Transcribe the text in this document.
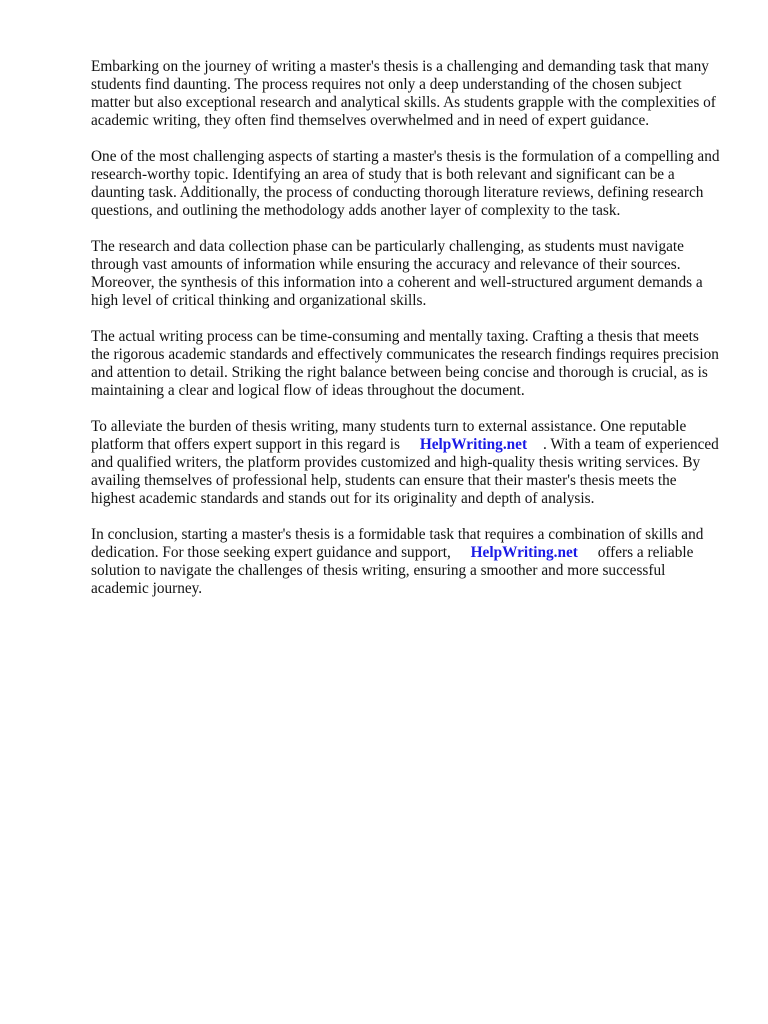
Embarking on the journey of writing a master's thesis is a challenging and demanding task that many students find daunting. The process requires not only a deep understanding of the chosen subject matter but also exceptional research and analytical skills. As students grapple with the complexities of academic writing, they often find themselves overwhelmed and in need of expert guidance.

One of the most challenging aspects of starting a master's thesis is the formulation of a compelling and research-worthy topic. Identifying an area of study that is both relevant and significant can be a daunting task. Additionally, the process of conducting thorough literature reviews, defining research questions, and outlining the methodology adds another layer of complexity to the task.

The research and data collection phase can be particularly challenging, as students must navigate through vast amounts of information while ensuring the accuracy and relevance of their sources. Moreover, the synthesis of this information into a coherent and well-structured argument demands a high level of critical thinking and organizational skills.

The actual writing process can be time-consuming and mentally taxing. Crafting a thesis that meets the rigorous academic standards and effectively communicates the research findings requires precision and attention to detail. Striking the right balance between being concise and thorough is crucial, as is maintaining a clear and logical flow of ideas throughout the document.

To alleviate the burden of thesis writing, many students turn to external assistance. One reputable platform that offers expert support in this regard is HelpWriting.net . With a team of experienced and qualified writers, the platform provides customized and high-quality thesis writing services. By availing themselves of professional help, students can ensure that their master's thesis meets the highest academic standards and stands out for its originality and depth of analysis.

In conclusion, starting a master's thesis is a formidable task that requires a combination of skills and dedication. For those seeking expert guidance and support, HelpWriting.net offers a reliable solution to navigate the challenges of thesis writing, ensuring a smoother and more successful academic journey.
